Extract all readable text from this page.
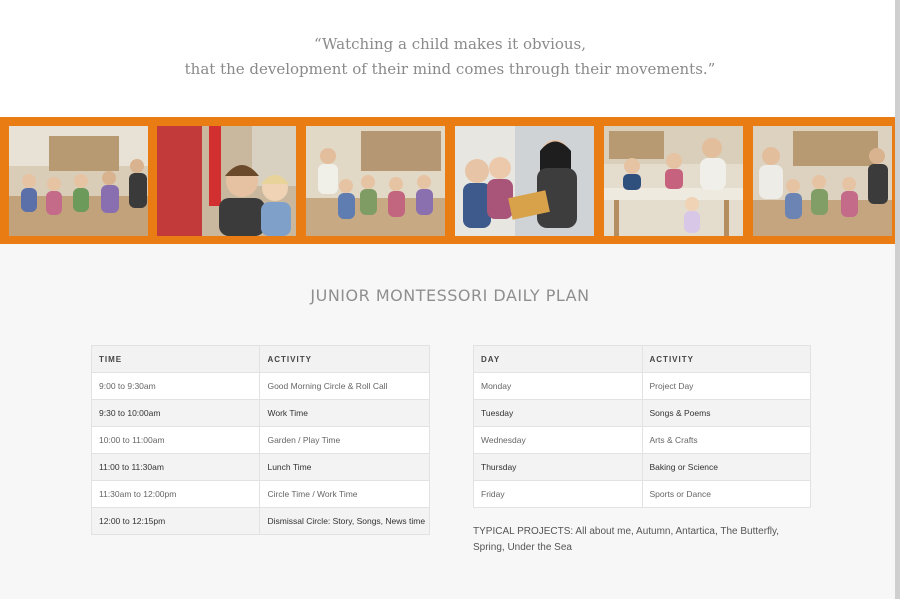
“Watching a child makes it obvious,
that the development of their mind comes through their movements.”
JUNIOR MONTESSORI DAILY PLAN
TIME	ACTIVITY
9:00 to 9:30am	Good Morning Circle & Roll Call
9:30 to 10:00am	Work Time
10:00 to 11:00am	Garden / Play Time
11:00 to 11:30am	Lunch Time
11:30am to 12:00pm	Circle Time / Work Time
12:00 to 12:15pm	Dismissal Circle: Story, Songs, News time
DAY	ACTIVITY
Monday	Project Day
Tuesday	Songs & Poems
Wednesday	Arts & Crafts
Thursday	Baking or Science
Friday	Sports or Dance

TYPICAL PROJECTS: All about me, Autumn, Antartica, The Butterfly, Spring, Under the Sea
